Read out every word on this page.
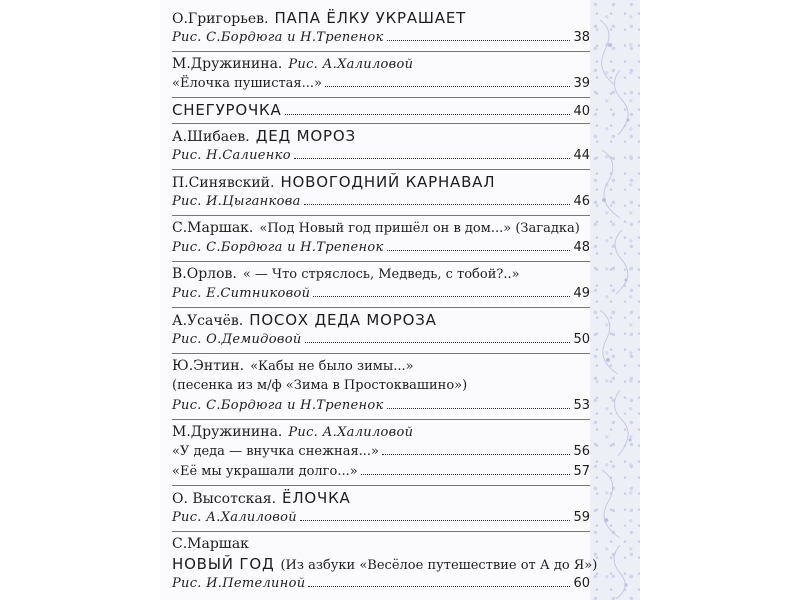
О.Григорьев. ПАПА ЁЛКУ УКРАШАЕТ
Рис. С.Бордюга и Н.Трепенок	38
М.Дружинина. Рис. А.Халиловой
«Ёлочка пушистая...»	39
СНЕГУРОЧКА	40
А.Шибаев. ДЕД МОРОЗ
Рис. Н.Салиенко	44
П.Синявский. НОВОГОДНИЙ КАРНАВАЛ
Рис. И.Цыганкова	46
С.Маршак. «Под Новый год пришёл он в дом...» (Загадка)
Рис. С.Бордюга и Н.Трепенок	48
В.Орлов. « — Что стряслось, Медведь, с тобой?..»
Рис. Е.Ситниковой	49
А.Усачёв. ПОСОХ ДЕДА МОРОЗА
Рис. О.Демидовой	50
Ю.Энтин. «Кабы не было зимы...»
(песенка из м/ф «Зима в Простоквашино»)
Рис. С.Бордюга и Н.Трепенок	53
М.Дружинина. Рис. А.Халиловой
«У деда — внучка снежная...»	56
«Её мы украшали долго...»	57
О. Высотская. ЁЛОЧКА
Рис. А.Халиловой	59
С.Маршак
НОВЫЙ ГОД (Из азбуки «Весёлое путешествие от А до Я»)
Рис. И.Петелиной	60
